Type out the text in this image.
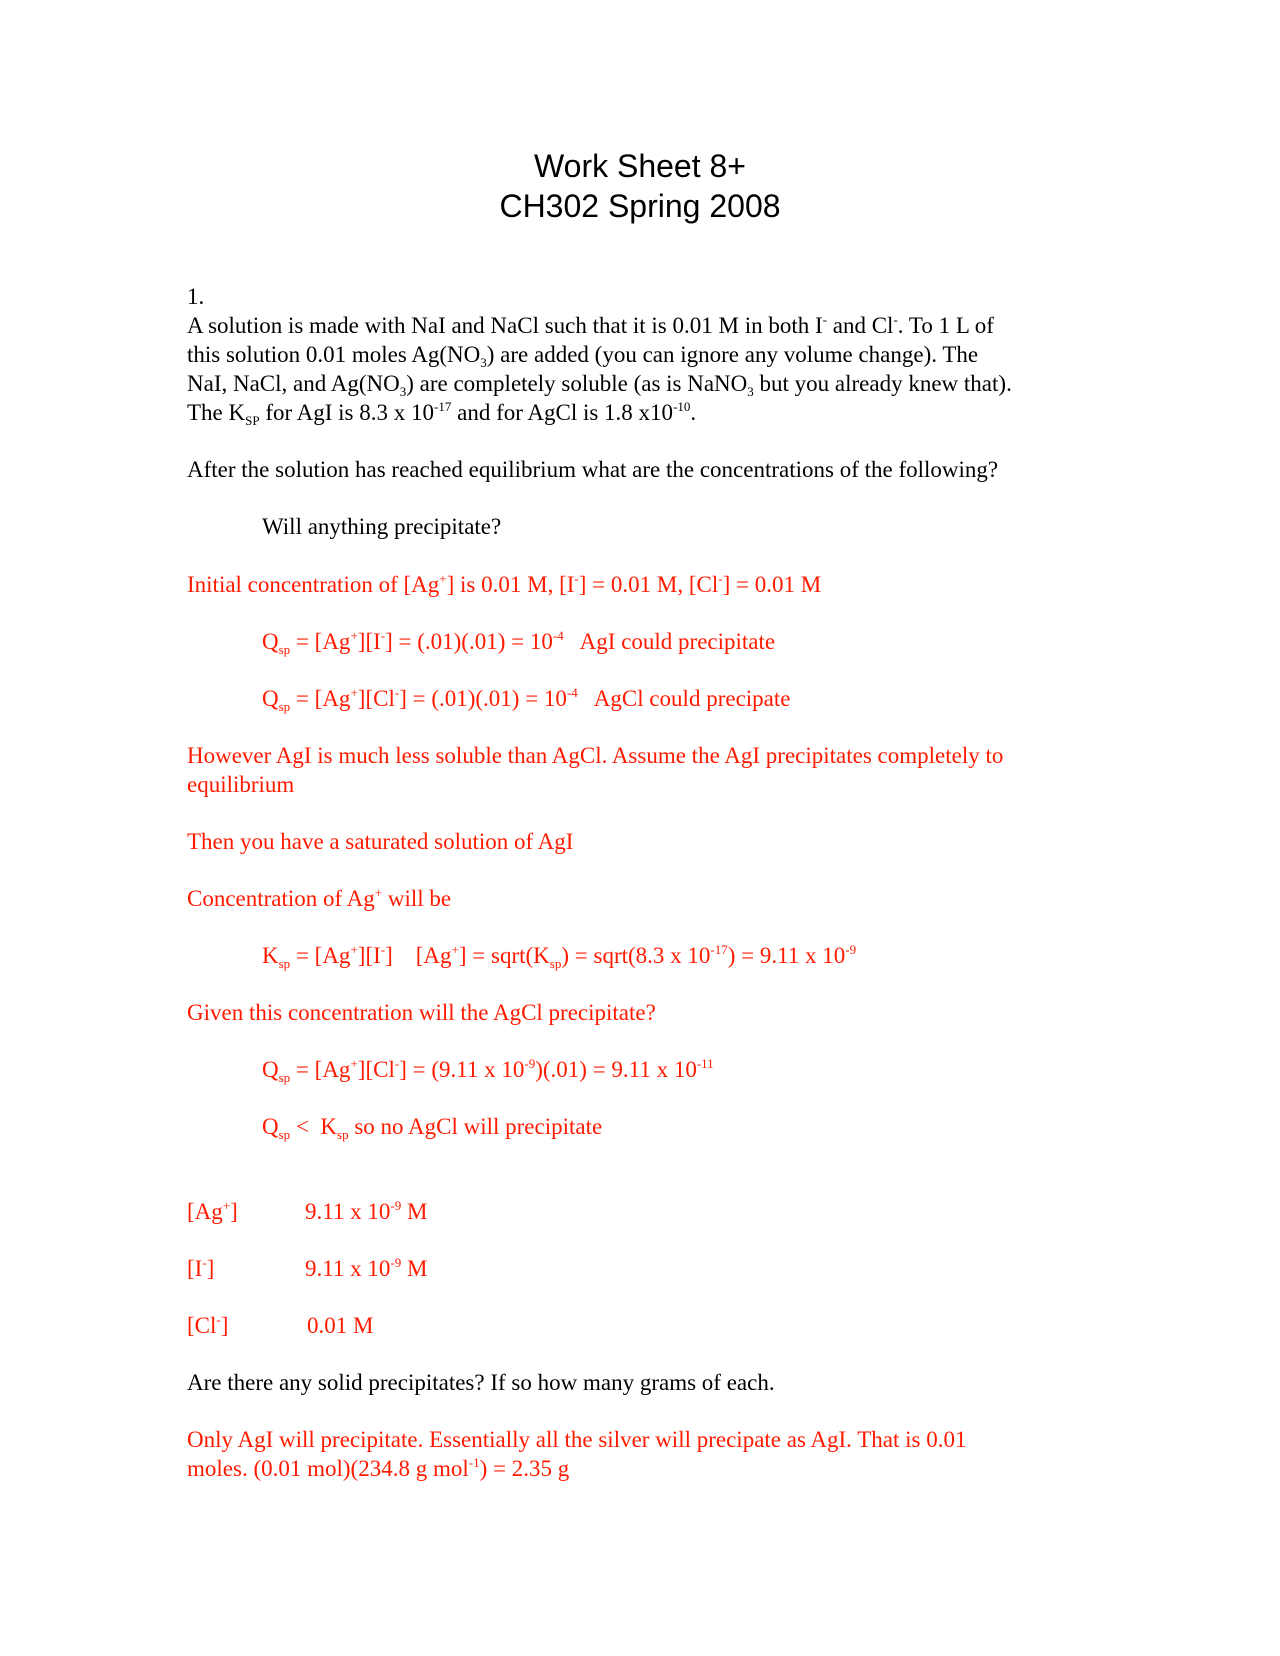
Work Sheet 8+
CH302 Spring 2008
1.
A solution is made with NaI and NaCl such that it is 0.01 M in both I- and Cl-. To 1 L of
this solution 0.01 moles $Ag(NO_3)$ are added (you can ignore any volume change). The
NaI, NaCl, and $Ag(NO_3)$ are completely soluble (as is NaNO$_3$ but you already knew that).
The $K_{SP}$ for AgI is 8.3 x $10^{-17}$ and for AgCl is 1.8 $x10^{-10}$.
After the solution has reached equilibrium what are the concentrations of the following?
Will anything precipitate?
Initial concentration of [Ag+] is 0.01 M, [I-] = 0.01 M, [Cl-] = 0.01 M
$Q_{sp} = [Ag^+][I^-] = (.01)(.01) = 10^{-4}$   AgI could precipitate
$Q_{sp} = [Ag^+][Cl^-] = (.01)(.01) = 10^{-4}$   AgCl could precipate
However AgI is much less soluble than AgCl. Assume the AgI precipitates completely to equilibrium
Then you have a saturated solution of AgI
Concentration of Ag+ will be
$K_{sp} = [Ag^+][I^-]$    $[Ag^+] = sqrt(K_{sp})$ = sqrt(8.3 x $10^{-17}) = 9.11$ x $10^{-9}$
Given this concentration will the AgCl precipitate?
$Q_{sp} = [Ag^+][Cl^-] = (9.11$ x $10^{-9})(.01) = 9.11$ x $10^{-11}$
$Q_{sp} < K_{sp}$ so no AgCl will precipitate
[Ag+]	9.11 x $10^{-9}$ M
[I-]	9.11 x $10^{-9}$ M
[Cl-]	0.01 M
Are there any solid precipitates? If so how many grams of each.
Only AgI will precipitate. Essentially all the silver will precipate as AgI. That is 0.01
moles. (0.01 mol)(234.8 g mol$^{-1}$) = 2.35 g
